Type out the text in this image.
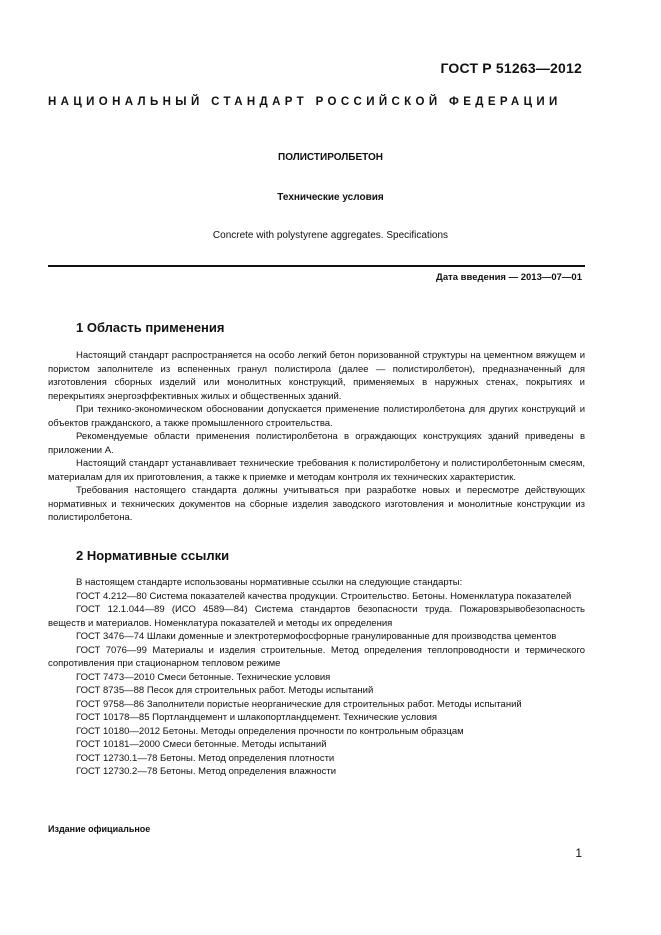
ГОСТ Р 51263—2012
НАЦИОНАЛЬНЫЙ СТАНДАРТ РОССИЙСКОЙ ФЕДЕРАЦИИ
ПОЛИСТИРОЛБЕТОН
Технические условия
Concrete with polystyrene aggregates. Specifications
Дата введения — 2013—07—01
1 Область применения

Настоящий стандарт распространяется на особо легкий бетон поризованной структуры на цементном вяжущем и пористом заполнителе из вспененных гранул полистирола (далее — полистиролбетон), предназначенный для изготовления сборных изделий или монолитных конструкций, применяемых в наружных стенах, покрытиях и перекрытиях энергоэффективных жилых и общественных зданий.

При технико-экономическом обосновании допускается применение полистиролбетона для других конструкций и объектов гражданского, а также промышленного строительства.

Рекомендуемые области применения полистиролбетона в ограждающих конструкциях зданий приведены в приложении А.

Настоящий стандарт устанавливает технические требования к полистиролбетону и полистиролбетонным смесям, материалам для их приготовления, а также к приемке и методам контроля их технических характеристик.

Требования настоящего стандарта должны учитываться при разработке новых и пересмотре действующих нормативных и технических документов на сборные изделия заводского изготовления и монолитные конструкции из полистиролбетона.

2 Нормативные ссылки

В настоящем стандарте использованы нормативные ссылки на следующие стандарты:

ГОСТ 4.212—80 Система показателей качества продукции. Строительство. Бетоны. Номенклатура показателей

ГОСТ 12.1.044—89 (ИСО 4589—84) Система стандартов безопасности труда. Пожаровзрывобезопасность веществ и материалов. Номенклатура показателей и методы их определения

ГОСТ 3476—74 Шлаки доменные и электротермофосфорные гранулированные для производства цементов

ГОСТ 7076—99 Материалы и изделия строительные. Метод определения теплопроводности и термического сопротивления при стационарном тепловом режиме

ГОСТ 7473—2010 Смеси бетонные. Технические условия

ГОСТ 8735—88 Песок для строительных работ. Методы испытаний

ГОСТ 9758—86 Заполнители пористые неорганические для строительных работ. Методы испытаний

ГОСТ 10178—85 Портландцемент и шлакопортландцемент. Технические условия

ГОСТ 10180—2012 Бетоны. Методы определения прочности по контрольным образцам

ГОСТ 10181—2000 Смеси бетонные. Методы испытаний

ГОСТ 12730.1—78 Бетоны. Метод определения плотности

ГОСТ 12730.2—78 Бетоны. Метод определения влажности

Издание официальное
1
